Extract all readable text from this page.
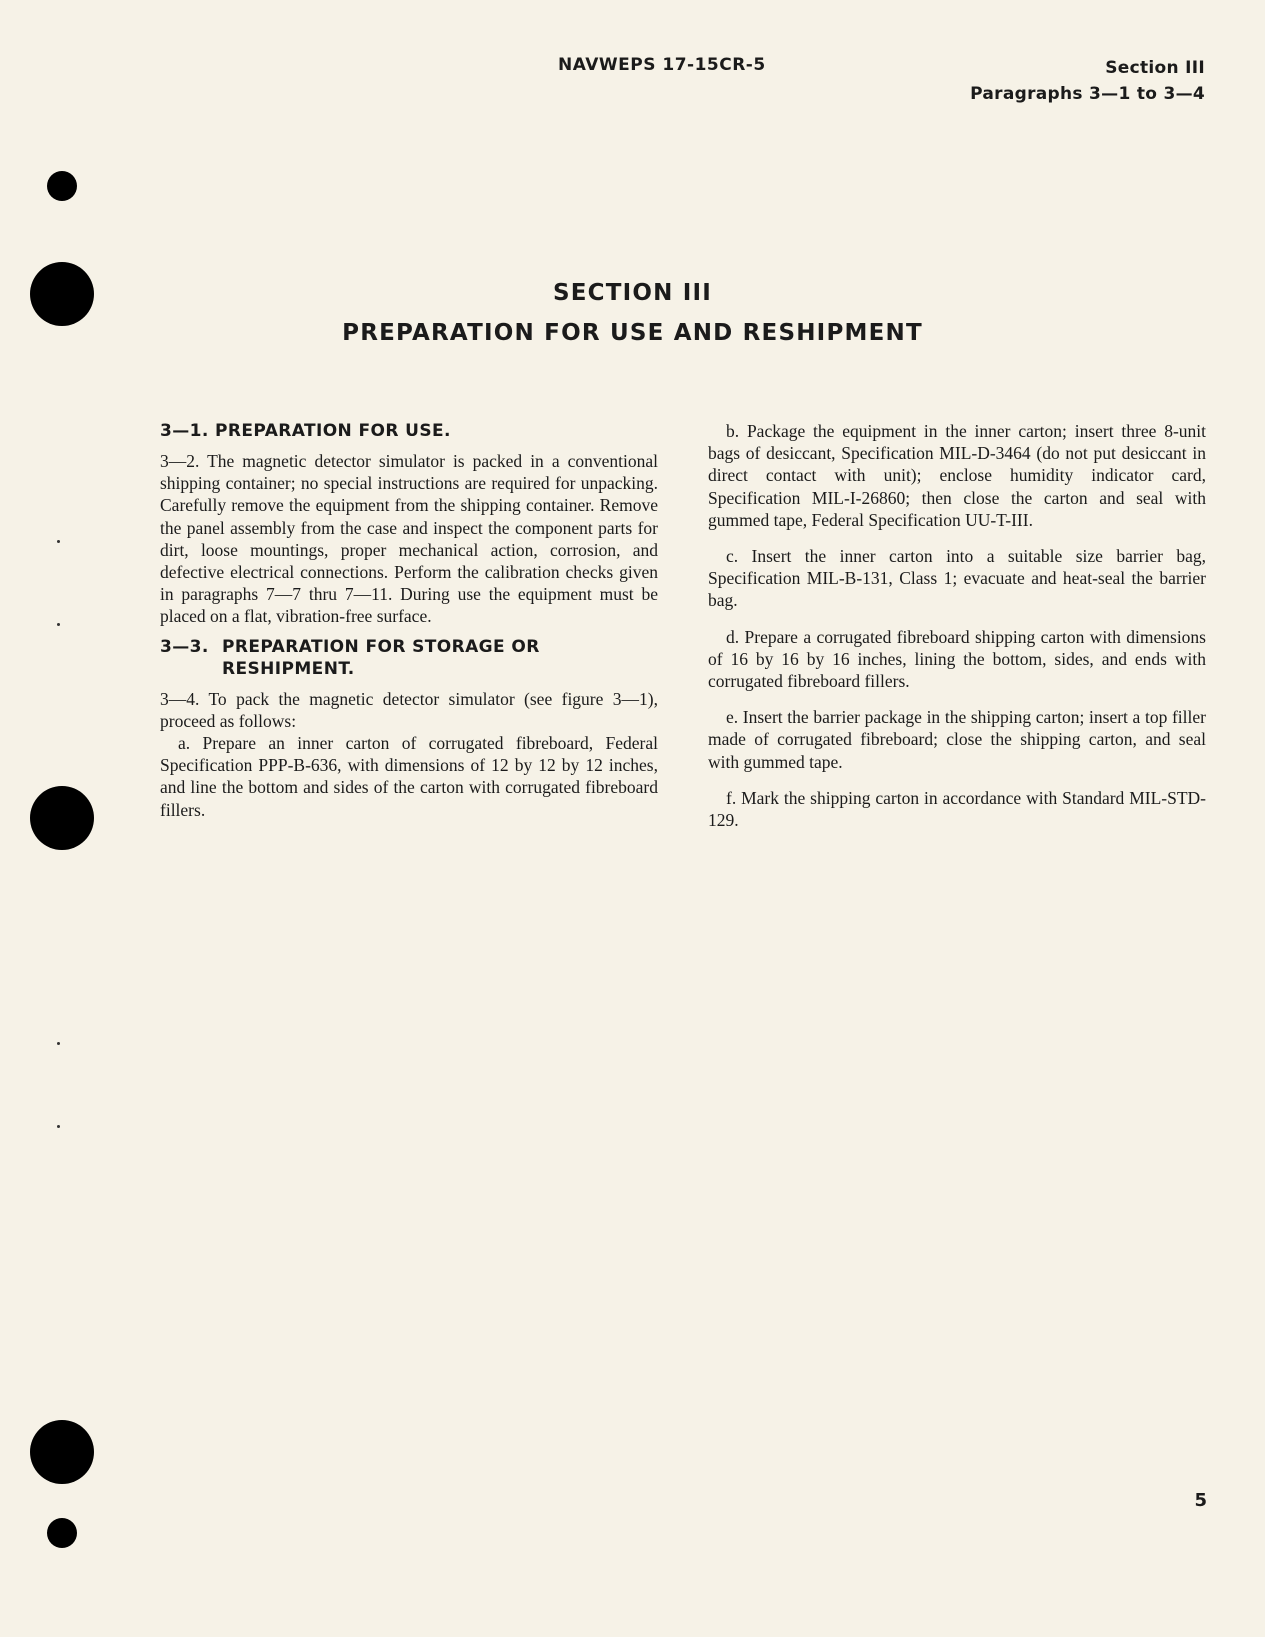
NAVWEPS 17-15CR-5	Section III
Paragraphs 3—1 to 3—4
SECTION III
PREPARATION FOR USE AND RESHIPMENT
3—1. PREPARATION FOR USE.

3—2. The magnetic detector simulator is packed in a conventional shipping container; no special instructions are required for unpacking. Carefully remove the equipment from the shipping container. Remove the panel assembly from the case and inspect the component parts for dirt, loose mountings, proper mechanical action, corrosion, and defective electrical connections. Perform the calibration checks given in paragraphs 7—7 thru 7—11. During use the equipment must be placed on a flat, vibration-free surface.

3—3. PREPARATION FOR STORAGE OR RESHIPMENT.

3—4. To pack the magnetic detector simulator (see figure 3—1), proceed as follows:

a. Prepare an inner carton of corrugated fibreboard, Federal Specification PPP-B-636, with dimensions of 12 by 12 by 12 inches, and line the bottom and sides of the carton with corrugated fibreboard fillers.

b. Package the equipment in the inner carton; insert three 8-unit bags of desiccant, Specification MIL-D-3464 (do not put desiccant in direct contact with unit); enclose humidity indicator card, Specification MIL-I-26860; then close the carton and seal with gummed tape, Federal Specification UU-T-III.

c. Insert the inner carton into a suitable size barrier bag, Specification MIL-B-131, Class 1; evacuate and heat-seal the barrier bag.

d. Prepare a corrugated fibreboard shipping carton with dimensions of 16 by 16 by 16 inches, lining the bottom, sides, and ends with corrugated fibreboard fillers.

e. Insert the barrier package in the shipping carton; insert a top filler made of corrugated fibreboard; close the shipping carton, and seal with gummed tape.

f. Mark the shipping carton in accordance with Standard MIL-STD-129.

5
